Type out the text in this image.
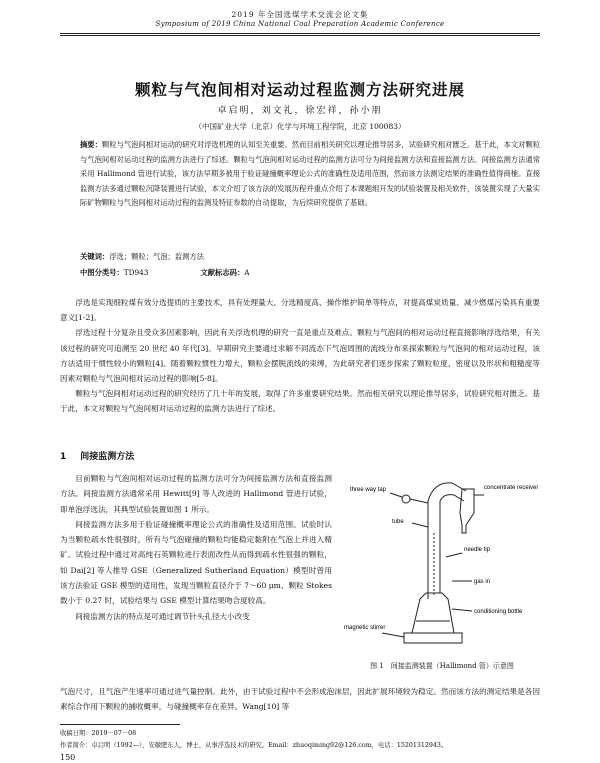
2019 年全国选煤学术交流会论文集
Symposium of 2019 China National Coal Preparation Academic Conference
颗粒与气泡间相对运动过程监测方法研究进展
卓启明，刘文礼，徐宏祥，孙小朋
（中国矿业大学（北京）化学与环境工程学院，北京 100083）
摘要：颗粒与气泡间相对运动的研究对浮选机理的认知至关重要。然而目前相关研究以理论推导居多，试验研究相对匮乏。基于此，本文对颗粒与气泡间相对运动过程的监测方法进行了综述。颗粒与气泡间相对运动过程的监测方法可分为间接监测方法和直接监测方法。间接监测方法通常采用 Hallimond 管进行试验，该方法早期多被用于验证碰撞概率理论公式的准确性及适用范围，然而该方法测定结果的准确性值得商榷。直接监测方法多通过颗粒沉降装置进行试验，本文介绍了该方法的发展历程并重点介绍了本课题组开发的试验装置及相关软件，该装置实现了大量实际矿物颗粒与气泡间相对运动过程的监测及特征参数的自动提取，为后续研究提供了基础。
关键词：浮选；颗粒；气泡；监测方法
中图分类号：TD943	文献标志码：A

浮选是实现细粒煤有效分选提质的主要技术，具有处理量大、分选精度高、操作维护简单等特点，对提高煤炭质量、减少燃煤污染具有重要意义[1-2]。

浮选过程十分复杂且受众多因素影响，因此有关浮选机理的研究一直是重点及难点。颗粒与气泡间的相对运动过程直接影响浮选结果，有关该过程的研究可追溯至 20 世纪 40 年代[3]。早期研究主要通过求解不同流态下气泡周围的流线分布来探索颗粒与气泡间的相对运动过程，该方法适用于惯性较小的颗粒[4]。随着颗粒惯性力增大，颗粒会摆脱流线的束缚，为此研究者们逐步探索了颗粒粒度、密度以及形状和粗糙度等因素对颗粒与气泡间相对运动过程的影响[5-8]。

颗粒与气泡间相对运动过程的研究经历了几十年的发展，取得了许多重要研究结果。然而相关研究以理论推导居多，试验研究相对匮乏。基于此，本文对颗粒与气泡间相对运动过程的监测方法进行了综述。

1 间接监测方法

目前颗粒与气泡间相对运动过程的监测方法可分为间接监测方法和直接监测方法。间接监测方法通常采用 Hewitt[9] 等人改进的 Hallimond 管进行试验，即单泡浮选法，其典型试验装置如图 1 所示。

间接监测方法多用于验证碰撞概率理论公式的准确性及适用范围。试验时认为当颗粒疏水性很强时，所有与气泡碰撞的颗粒均能稳定黏附在气泡上并进入精矿。试验过程中通过对高纯石英颗粒进行表面改性从而得到疏水性很强的颗粒，如 Dai[2] 等人推导 GSE（Generalized Sutherland Equation）模型时曾用该方法验证 GSE 模型的适用性，发现当颗粒直径介于 7～60 μm、颗粒 Stokes 数小于 0.27 时，试验结果与 GSE 模型计算结果吻合度较高。

间接监测方法的特点是可通过调节针头孔径大小改变

three way tap	concentrate receiver
tube
needle tip
gas in
conditioning bottle
magnetic stirrer
图 1　间接监测装置（Hallimond 管）示意图
气泡尺寸，且气泡产生速率可通过进气量控制。此外，由于试验过程中不会形成泡沫层，因此扩展环境较为稳定。然而该方法的测定结果是各因素综合作用下颗粒的捕收概率，与碰撞概率存在差异。Wang[10] 等
收稿日期：2019－07－08
作者简介：卓启明（1992—），安徽肥东人，博士，从事浮选技术的研究。Email：zhuoqiming92@126.com，电话：15201312943。
150
